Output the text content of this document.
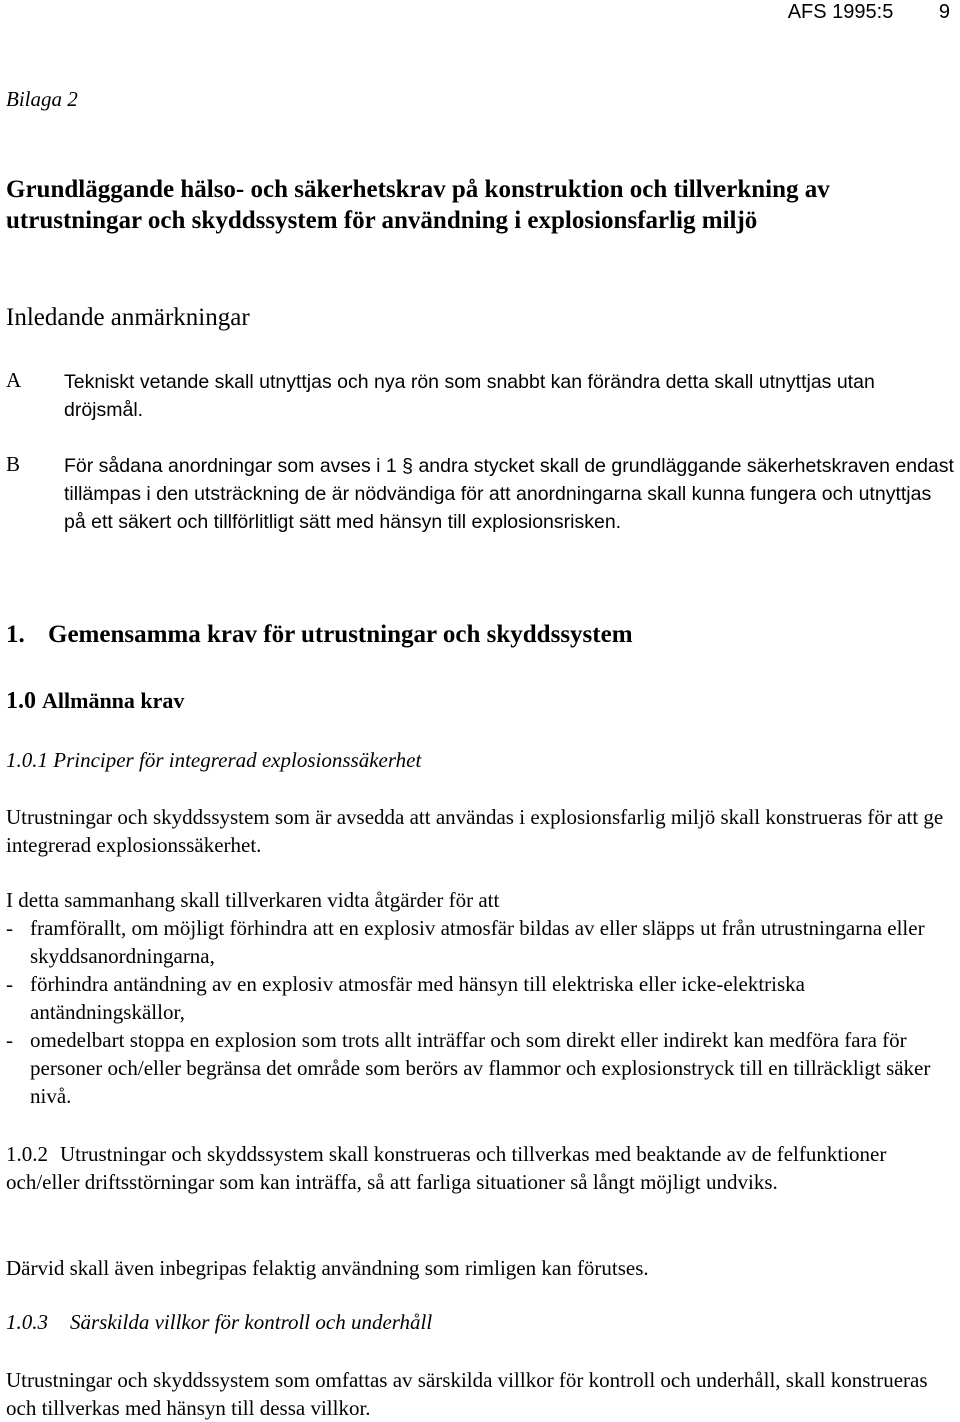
AFS 1995:5 9
Bilaga 2
Grundläggande hälso- och säkerhetskrav på konstruktion och tillverkning av utrustningar och skyddssystem för användning i explosionsfarlig miljö
Inledande anmärkningar
A Tekniskt vetande skall utnyttjas och nya rön som snabbt kan förändra detta skall utnyttjas utan dröjsmål.
B För sådana anordningar som avses i 1 § andra stycket skall de grundläggande säkerhetskraven endast tillämpas i den utsträckning de är nödvändiga för att anordningarna skall kunna fungera och utnyttjas på ett säkert och tillförlitligt sätt med hänsyn till explosionsrisken.
1. Gemensamma krav för utrustningar och skyddssystem
1.0 Allmänna krav
1.0.1 Principer för integrerad explosionssäkerhet
Utrustningar och skyddssystem som är avsedda att användas i explosionsfarlig miljö skall konstrueras för att ge integrerad explosionssäkerhet.
I detta sammanhang skall tillverkaren vidta åtgärder för att
- framförallt, om möjligt förhindra att en explosiv atmosfär bildas av eller släpps ut från utrustningarna eller skyddsanordningarna,
- förhindra antändning av en explosiv atmosfär med hänsyn till elektriska eller icke-elektriska antändningskällor,
- omedelbart stoppa en explosion som trots allt inträffar och som direkt eller indirekt kan medföra fara för personer och/eller begränsa det område som berörs av flammor och explosionstryck till en tillräckligt säker nivå.
1.0.2 Utrustningar och skyddssystem skall konstrueras och tillverkas med beaktande av de felfunktioner och/eller driftsstörningar som kan inträffa, så att farliga situationer så långt möjligt undviks.
Därvid skall även inbegripas felaktig användning som rimligen kan förutses.
1.0.3 Särskilda villkor för kontroll och underhåll
Utrustningar och skyddssystem som omfattas av särskilda villkor för kontroll och underhåll, skall konstrueras och tillverkas med hänsyn till dessa villkor.
